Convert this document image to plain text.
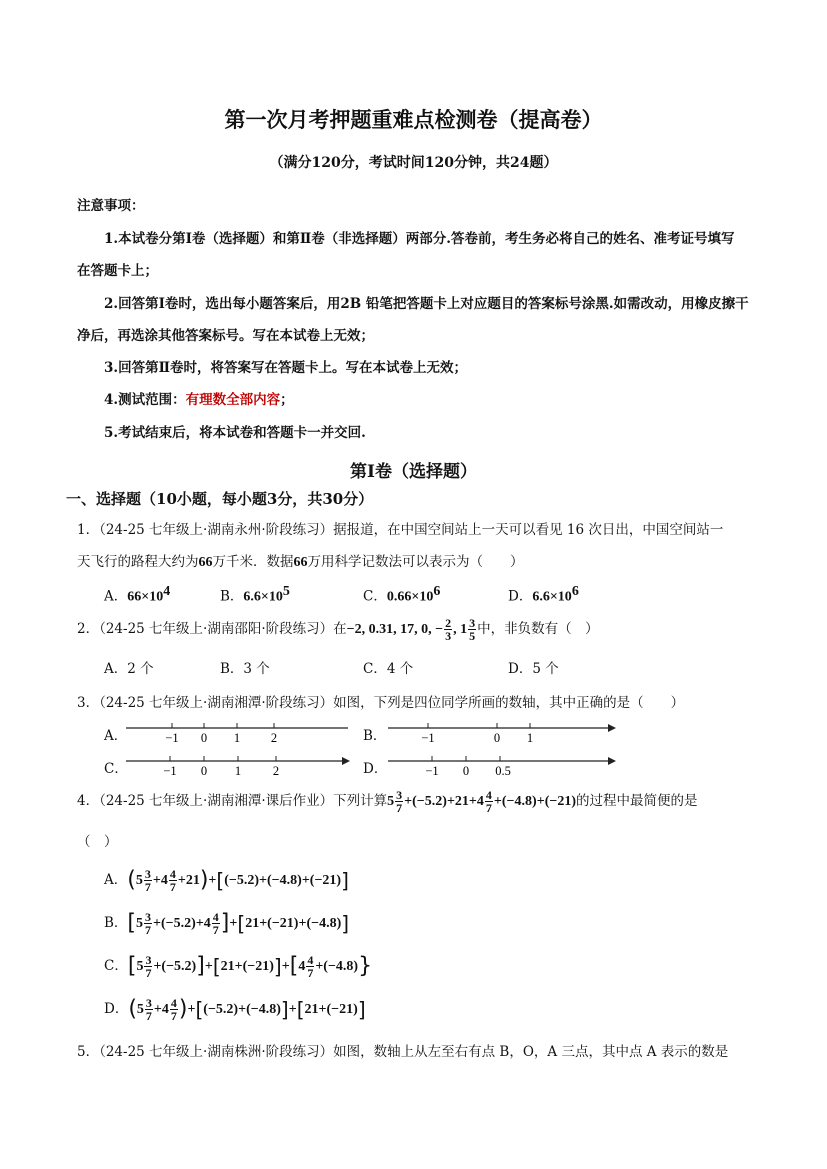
第一次月考押题重难点检测卷（提高卷）
（满分120分，考试时间120分钟，共24题）
注意事项：
1.本试卷分第Ⅰ卷（选择题）和第Ⅱ卷（非选择题）两部分.答卷前，考生务必将自己的姓名、准考证号填写
在答题卡上；
2.回答第Ⅰ卷时，选出每小题答案后，用2B 铅笔把答题卡上对应题目的答案标号涂黑.如需改动，用橡皮擦干
净后，再选涂其他答案标号。写在本试卷上无效；
3.回答第Ⅱ卷时，将答案写在答题卡上。写在本试卷上无效；
4.测试范围：有理数全部内容；
5.考试结束后，将本试卷和答题卡一并交回.
第Ⅰ卷（选择题）
一、选择题（10小题，每小题3分，共30分）
1．（24-25 七年级上·湖南永州·阶段练习）据报道，在中国空间站上一天可以看见 16 次日出，中国空间站一
天飞行的路程大约为66万千米．数据66万用科学记数法可以表示为（　　）
A．$66\times 10^4$	B．$6.6\times 10^5$	C．$0.66\times 10^6$	D．$6.6\times 10^6$
2．（24-25 七年级上·湖南邵阳·阶段练习）在−2, 0.31, 17, 0, − $\frac{2}{3}$ , $1 \frac{3}{5}$ 中，非负数有（　）
A．2 个	B．3 个	C．4 个	D．5 个
3．（24-25 七年级上·湖南湘潭·阶段练习）如图，下列是四位同学所画的数轴，其中正确的是（　　）
A．	B．
C．	D．
−1 0 1 2	−1	0 1
−1 0 1	2	−1 0 0.5
4．（24-25 七年级上·湖南湘潭·课后作业）下列计算$5 \frac{3}{7} +(-5.2)+21+4 \frac{4}{7} +(-4.8)+(-21)$的过程中最简便的是
（　）
A．$(5 \frac{3}{7} +4 \frac{4}{7} +21)+[(-5.2)+(-4.8)+(-21)]$
B．$[5 \frac{3}{7} +(-5.2)+4 \frac{4}{7} ]+[21+(-21)+(-4.8)]$
C．$[5 \frac{3}{7} +(-5.2)]+[21+(-21)]+[4 \frac{4}{7} +(-4.8)\}$
D．$(5 \frac{3}{7} +4 \frac{4}{7} )+[(-5.2)+(-4.8)]+[21+(-21)]$
5．（24-25 七年级上·湖南株洲·阶段练习）如图，数轴上从左至右有点 B，O，A 三点，其中点 A 表示的数是
